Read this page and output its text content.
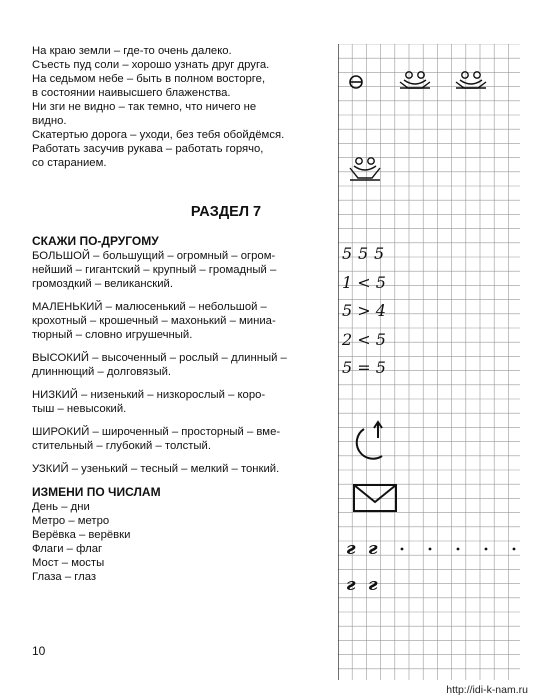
На краю земли – где-то очень далеко.
Съесть пуд соли – хорошо узнать друг друга.
На седьмом небе – быть в полном восторге,
в состоянии наивысшего блаженства.
Ни зги не видно – так темно, что ничего не
видно.
Скатертью дорога – уходи, без тебя обойдёмся.
Работать засучив рукава – работать горячо,
со старанием.
РАЗДЕЛ 7
СКАЖИ ПО-ДРУГОМУ
БОЛЬШОЙ – большущий – огромный – огром-
нейший – гигантский – крупный – громадный –
громоздкий – великанский.
МАЛЕНЬКИЙ – малюсенький – небольшой –
крохотный – крошечный – махонький – миниа-
тюрный – словно игрушечный.
ВЫСОКИЙ – высоченный – рослый – длинный –
длиннющий – долговязый.
НИЗКИЙ – низенький – низкорослый – коро-
тыш – невысокий.
ШИРОКИЙ – широченный – просторный – вме-
стительный – глубокий – толстый.
УЗКИЙ – узенький – тесный – мелкий – тонкий.
ИЗМЕНИ ПО ЧИСЛАМ
День – дни
Метро – метро
Верёвка – верёвки
Флаги – флаг
Мост – мосты
Глаза – глаз
10
5 5 5
1 < 5
5 > 4
2 < 5
5 = 5
г г
г г
http://idi-k-nam.ru
